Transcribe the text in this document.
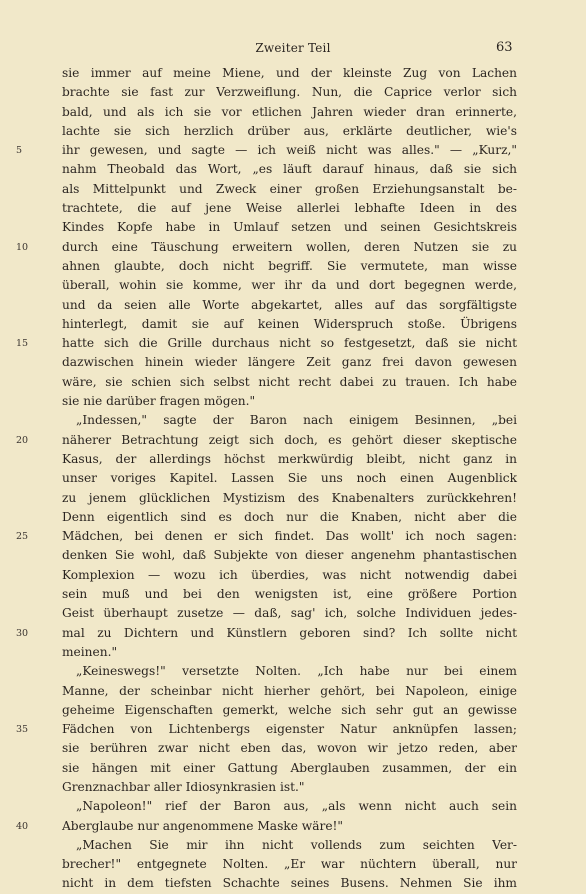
Zweiter Teil	63
sie immer auf meine Miene, und der kleinste Zug von Lachen
brachte sie fast zur Verzweiflung. Nun, die Caprice verlor sich
bald, und als ich sie vor etlichen Jahren wieder dran erinnerte,
lachte sie sich herzlich drüber aus, erklärte deutlicher, wie's
5	ihr gewesen, und sagte — ich weiß nicht was alles." — „Kurz,"
nahm Theobald das Wort, „es läuft darauf hinaus, daß sie sich
als Mittelpunkt und Zweck einer großen Erziehungsanstalt be-
trachtete, die auf jene Weise allerlei lebhafte Ideen in des
Kindes Kopfe habe in Umlauf setzen und seinen Gesichtskreis
10	durch eine Täuschung erweitern wollen, deren Nutzen sie zu
ahnen glaubte, doch nicht begriff. Sie vermutete, man wisse
überall, wohin sie komme, wer ihr da und dort begegnen werde,
und da seien alle Worte abgekartet, alles auf das sorgfältigste
hinterlegt, damit sie auf keinen Widerspruch stoße. Übrigens
15	hatte sich die Grille durchaus nicht so festgesetzt, daß sie nicht
dazwischen hinein wieder längere Zeit ganz frei davon gewesen
wäre, sie schien sich selbst nicht recht dabei zu trauen. Ich habe
sie nie darüber fragen mögen."
„Indessen," sagte der Baron nach einigem Besinnen, „bei
20	näherer Betrachtung zeigt sich doch, es gehört dieser skeptische
Kasus, der allerdings höchst merkwürdig bleibt, nicht ganz in
unser voriges Kapitel. Lassen Sie uns noch einen Augenblick
zu jenem glücklichen Mystizism des Knabenalters zurückkehren!
Denn eigentlich sind es doch nur die Knaben, nicht aber die
25	Mädchen, bei denen er sich findet. Das wollt' ich noch sagen:
denken Sie wohl, daß Subjekte von dieser angenehm phantastischen
Komplexion — wozu ich überdies, was nicht notwendig dabei
sein muß und bei den wenigsten ist, eine größere Portion
Geist überhaupt zusetze — daß, sag' ich, solche Individuen jedes-
30	mal zu Dichtern und Künstlern geboren sind? Ich sollte nicht
meinen."
„Keineswegs!" versetzte Nolten. „Ich habe nur bei einem
Manne, der scheinbar nicht hierher gehört, bei Napoleon, einige
geheime Eigenschaften gemerkt, welche sich sehr gut an gewisse
35	Fädchen von Lichtenbergs eigenster Natur anknüpfen lassen;
sie berühren zwar nicht eben das, wovon wir jetzo reden, aber
sie hängen mit einer Gattung Aberglauben zusammen, der ein
Grenznachbar aller Idiosynkrasien ist."
„Napoleon!" rief der Baron aus, „als wenn nicht auch sein
40	Aberglaube nur angenommene Maske wäre!"
„Machen Sie mir ihn nicht vollends zum seichten Ver-
brecher!" entgegnete Nolten. „Er war nüchtern überall, nur
nicht in dem tiefsten Schachte seines Busens. Nehmen Sie ihm
